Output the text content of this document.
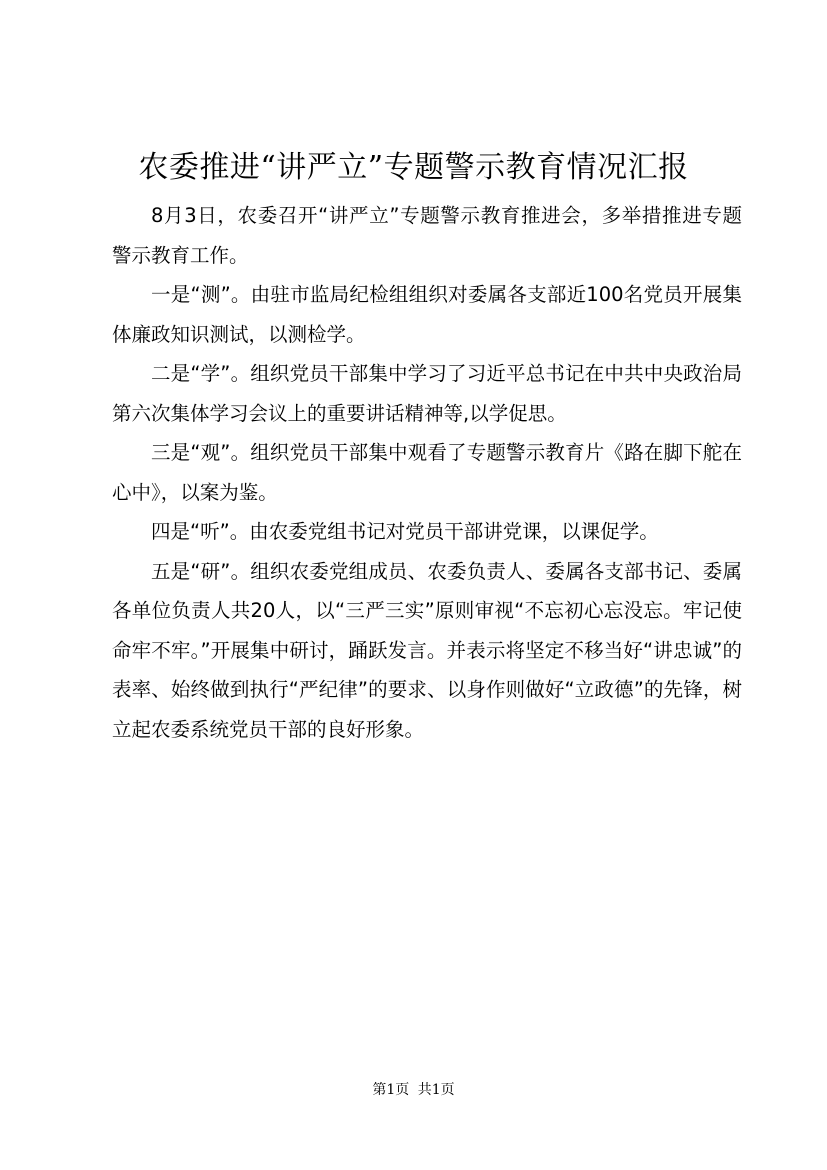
农委推进“讲严立”专题警示教育情况汇报

8月3日，农委召开“讲严立”专题警示教育推进会，多举措推进专题警示教育工作。

一是“测”。由驻市监局纪检组组织对委属各支部近100名党员开展集体廉政知识测试，以测检学。

二是“学”。组织党员干部集中学习了习近平总书记在中共中央政治局第六次集体学习会议上的重要讲话精神等,以学促思。

三是“观”。组织党员干部集中观看了专题警示教育片《路在脚下舵在心中》，以案为鉴。

四是“听”。由农委党组书记对党员干部讲党课，以课促学。

五是“研”。组织农委党组成员、农委负责人、委属各支部书记、委属各单位负责人共20人，以“三严三实”原则审视“不忘初心忘没忘。牢记使命牢不牢。”开展集中研讨，踊跃发言。并表示将坚定不移当好“讲忠诚”的表率、始终做到执行“严纪律”的要求、以身作则做好“立政德”的先锋，树立起农委系统党员干部的良好形象。

第1页 共1页
